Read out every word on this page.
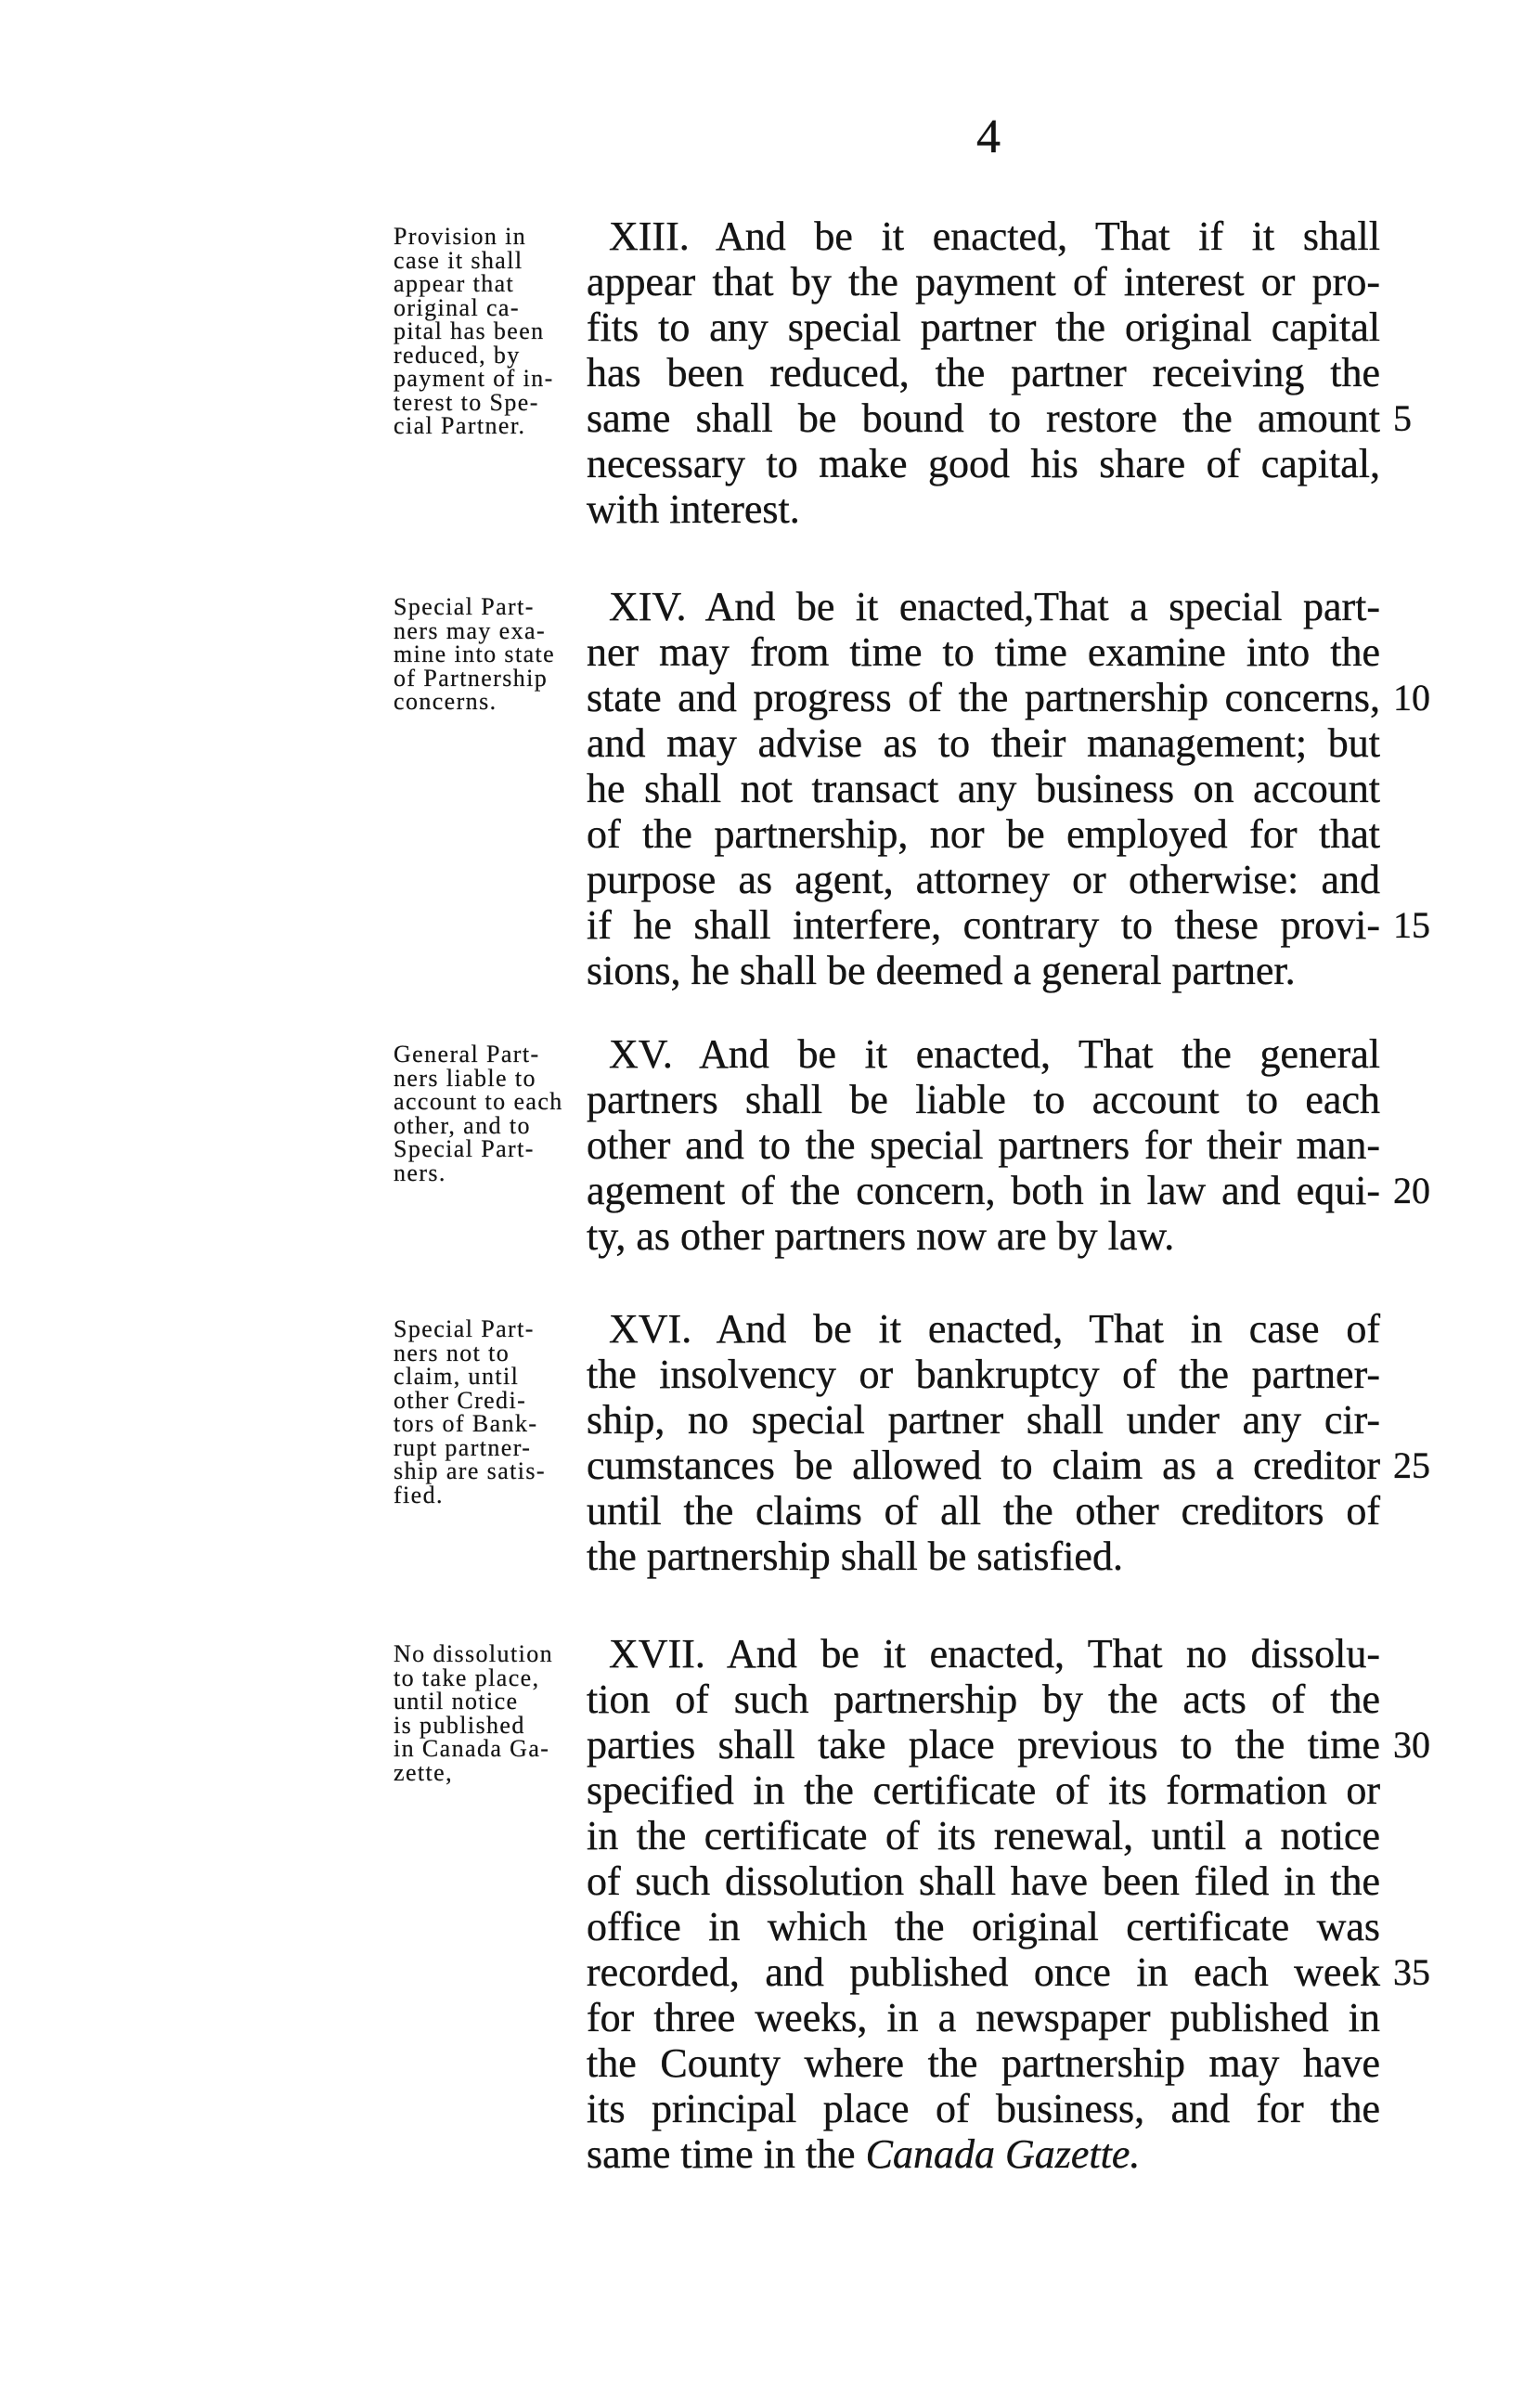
4
Provision in
case it shall
appear that
original ca-
pital has been
reduced, by
payment of in-
terest to Spe-
cial Partner.
XIII. And be it enacted, That if it shall
appear that by the payment of interest or pro-
fits to any special partner the original capital
has been reduced, the partner receiving the
same shall be bound to restore the amount 5
necessary to make good his share of capital,
with interest.
Special Part-
ners may exa-
mine into state
of Partnership
concerns.
XIV. And be it enacted,That a special part-
ner may from time to time examine into the
state and progress of the partnership concerns, 10
and may advise as to their management; but
he shall not transact any business on account
of the partnership, nor be employed for that
purpose as agent, attorney or otherwise: and
if he shall interfere, contrary to these provi- 15
sions, he shall be deemed a general partner.
General Part-
ners liable to
account to each
other, and to
Special Part-
ners.
XV. And be it enacted, That the general
partners shall be liable to account to each
other and to the special partners for their man-
agement of the concern, both in law and equi- 20
ty, as other partners now are by law.
Special Part-
ners not to
claim, until
other Credi-
tors of Bank-
rupt partner-
ship are satis-
fied.
XVI. And be it enacted, That in case of
the insolvency or bankruptcy of the partner-
ship, no special partner shall under any cir-
cumstances be allowed to claim as a creditor 25
until the claims of all the other creditors of
the partnership shall be satisfied.
No dissolution
to take place,
until notice
is published
in Canada Ga-
zette,
XVII. And be it enacted, That no dissolu-
tion of such partnership by the acts of the
parties shall take place previous to the time 30
specified in the certificate of its formation or
in the certificate of its renewal, until a notice
of such dissolution shall have been filed in the
office in which the original certificate was
recorded, and published once in each week 35
for three weeks, in a newspaper published in
the County where the partnership may have
its principal place of business, and for the
same time in the Canada Gazette.
